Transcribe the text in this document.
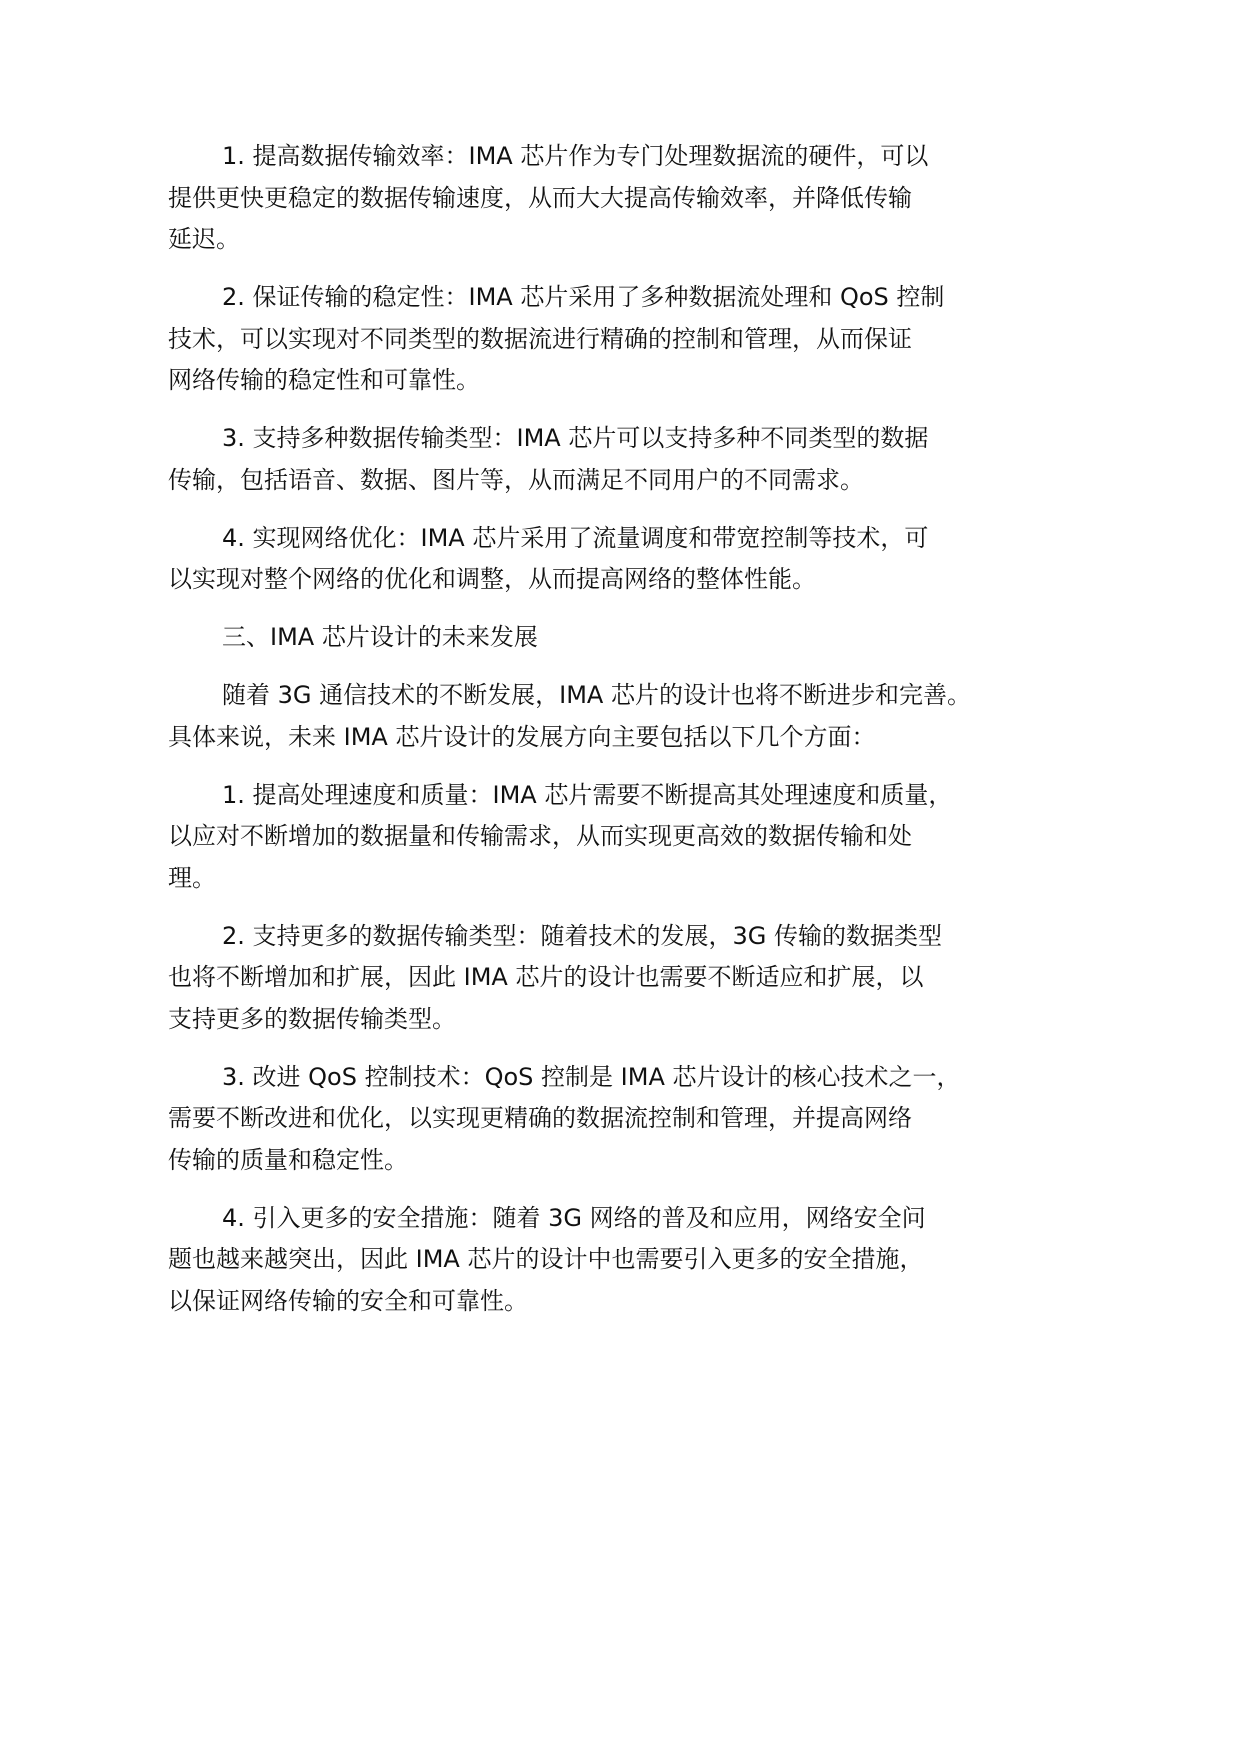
1. 提高数据传输效率：IMA 芯片作为专门处理数据流的硬件，可以
提供更快更稳定的数据传输速度，从而大大提高传输效率，并降低传输
延迟。

2. 保证传输的稳定性：IMA 芯片采用了多种数据流处理和 QoS 控制
技术，可以实现对不同类型的数据流进行精确的控制和管理，从而保证
网络传输的稳定性和可靠性。

3. 支持多种数据传输类型：IMA 芯片可以支持多种不同类型的数据
传输，包括语音、数据、图片等，从而满足不同用户的不同需求。

4. 实现网络优化：IMA 芯片采用了流量调度和带宽控制等技术，可
以实现对整个网络的优化和调整，从而提高网络的整体性能。

三、IMA 芯片设计的未来发展

随着 3G 通信技术的不断发展，IMA 芯片的设计也将不断进步和完善。
具体来说，未来 IMA 芯片设计的发展方向主要包括以下几个方面：

1. 提高处理速度和质量：IMA 芯片需要不断提高其处理速度和质量，
以应对不断增加的数据量和传输需求，从而实现更高效的数据传输和处
理。

2. 支持更多的数据传输类型：随着技术的发展，3G 传输的数据类型
也将不断增加和扩展，因此 IMA 芯片的设计也需要不断适应和扩展，以
支持更多的数据传输类型。

3. 改进 QoS 控制技术：QoS 控制是 IMA 芯片设计的核心技术之一，
需要不断改进和优化，以实现更精确的数据流控制和管理，并提高网络
传输的质量和稳定性。

4. 引入更多的安全措施：随着 3G 网络的普及和应用，网络安全问
题也越来越突出，因此 IMA 芯片的设计中也需要引入更多的安全措施，
以保证网络传输的安全和可靠性。
